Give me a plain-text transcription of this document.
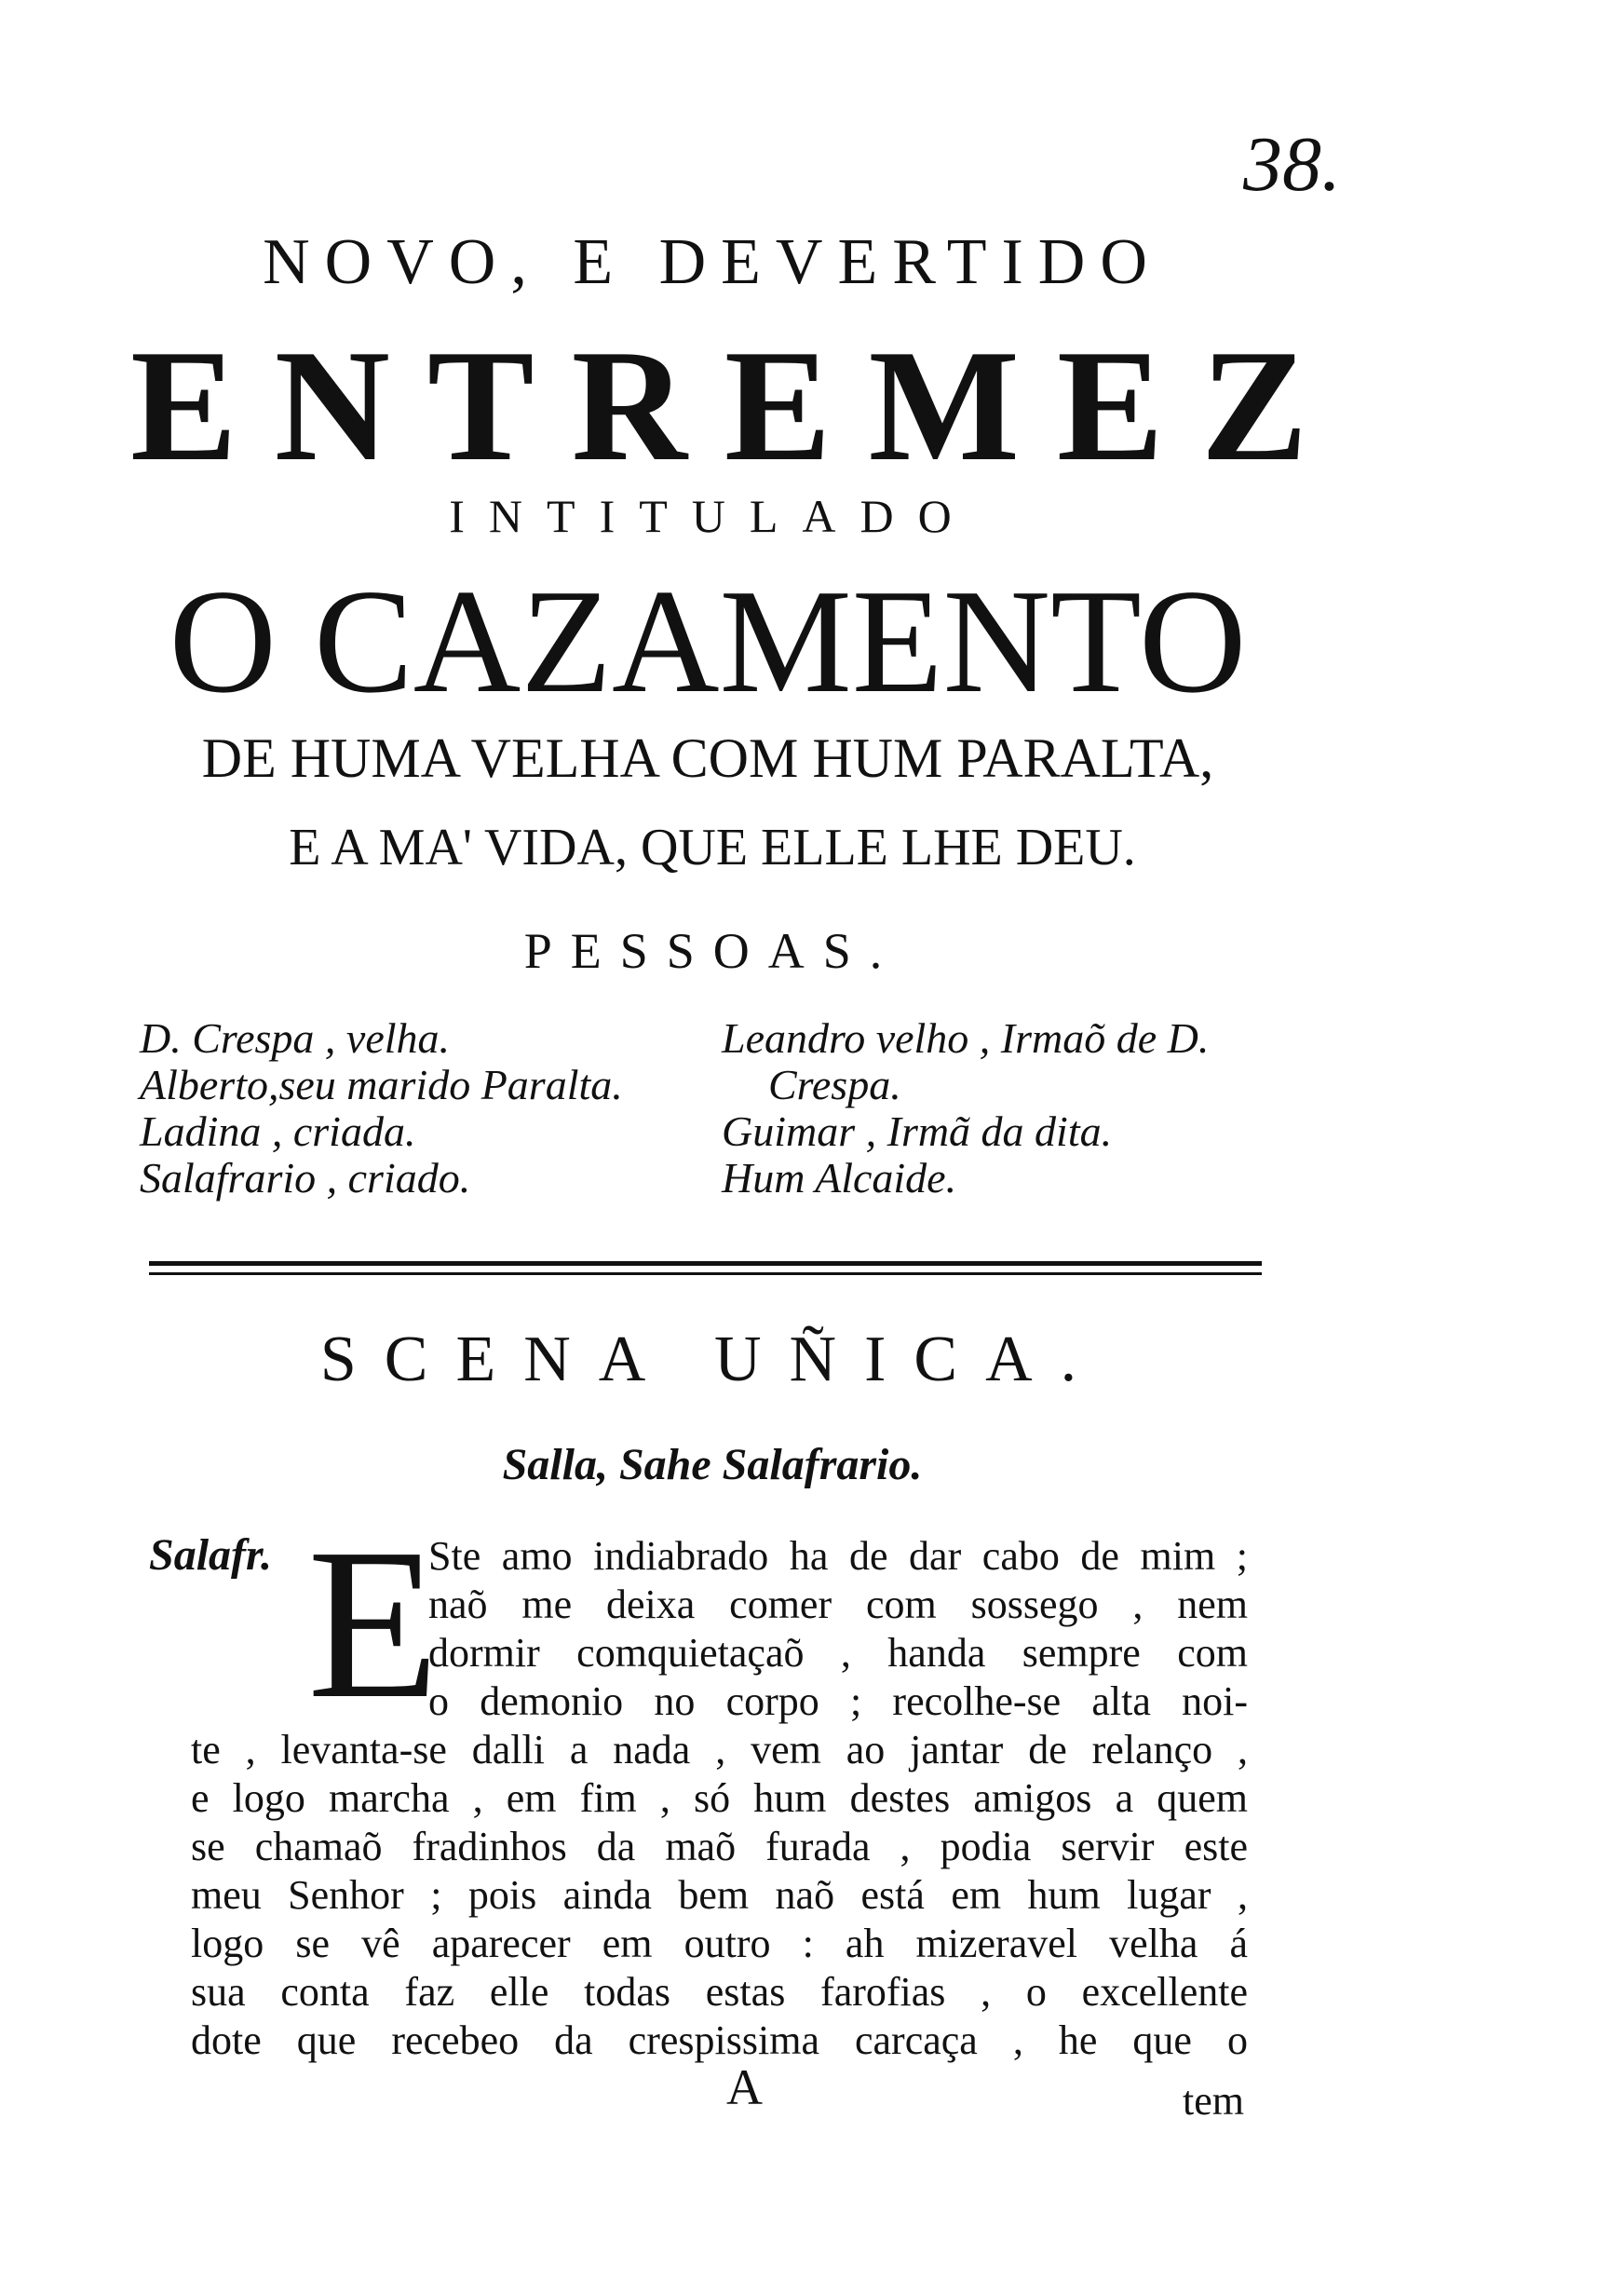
38.
NOVO, E DEVERTIDO
ENTREMEZ
INTITULADO
O CAZAMENTO
DE HUMA VELHA COM HUM PARALTA,
E A MA' VIDA, QUE ELLE LHE DEU.
PESSOAS.
D. Crespa , velha.
Alberto,seu marido Paralta.
Ladina , criada.
Salafrario , criado.
Leandro velho , Irmaõ de D.
Crespa.
Guimar , Irmã da dita.
Hum Alcaide.
SCENA UÑICA.
Salla, Sahe Salafrario.
Salafr. E
Ste amo indiabrado ha de dar cabo de mim ;
naõ me deixa comer com sossego , nem
dormir comquietaçaõ , handa sempre com
o demonio no corpo ; recolhe-se alta noi-
te , levanta-se dalli a nada , vem ao jantar de relanço ,
e logo marcha , em fim , só hum destes amigos a quem
se chamaõ fradinhos da maõ furada , podia servir este
meu Senhor ; pois ainda bem naõ está em hum lugar ,
logo se vê aparecer em outro : ah mizeravel velha á
sua conta faz elle todas estas farofias , o excellente
dote que recebeo da crespissima carcaça , he que o
A	tem
